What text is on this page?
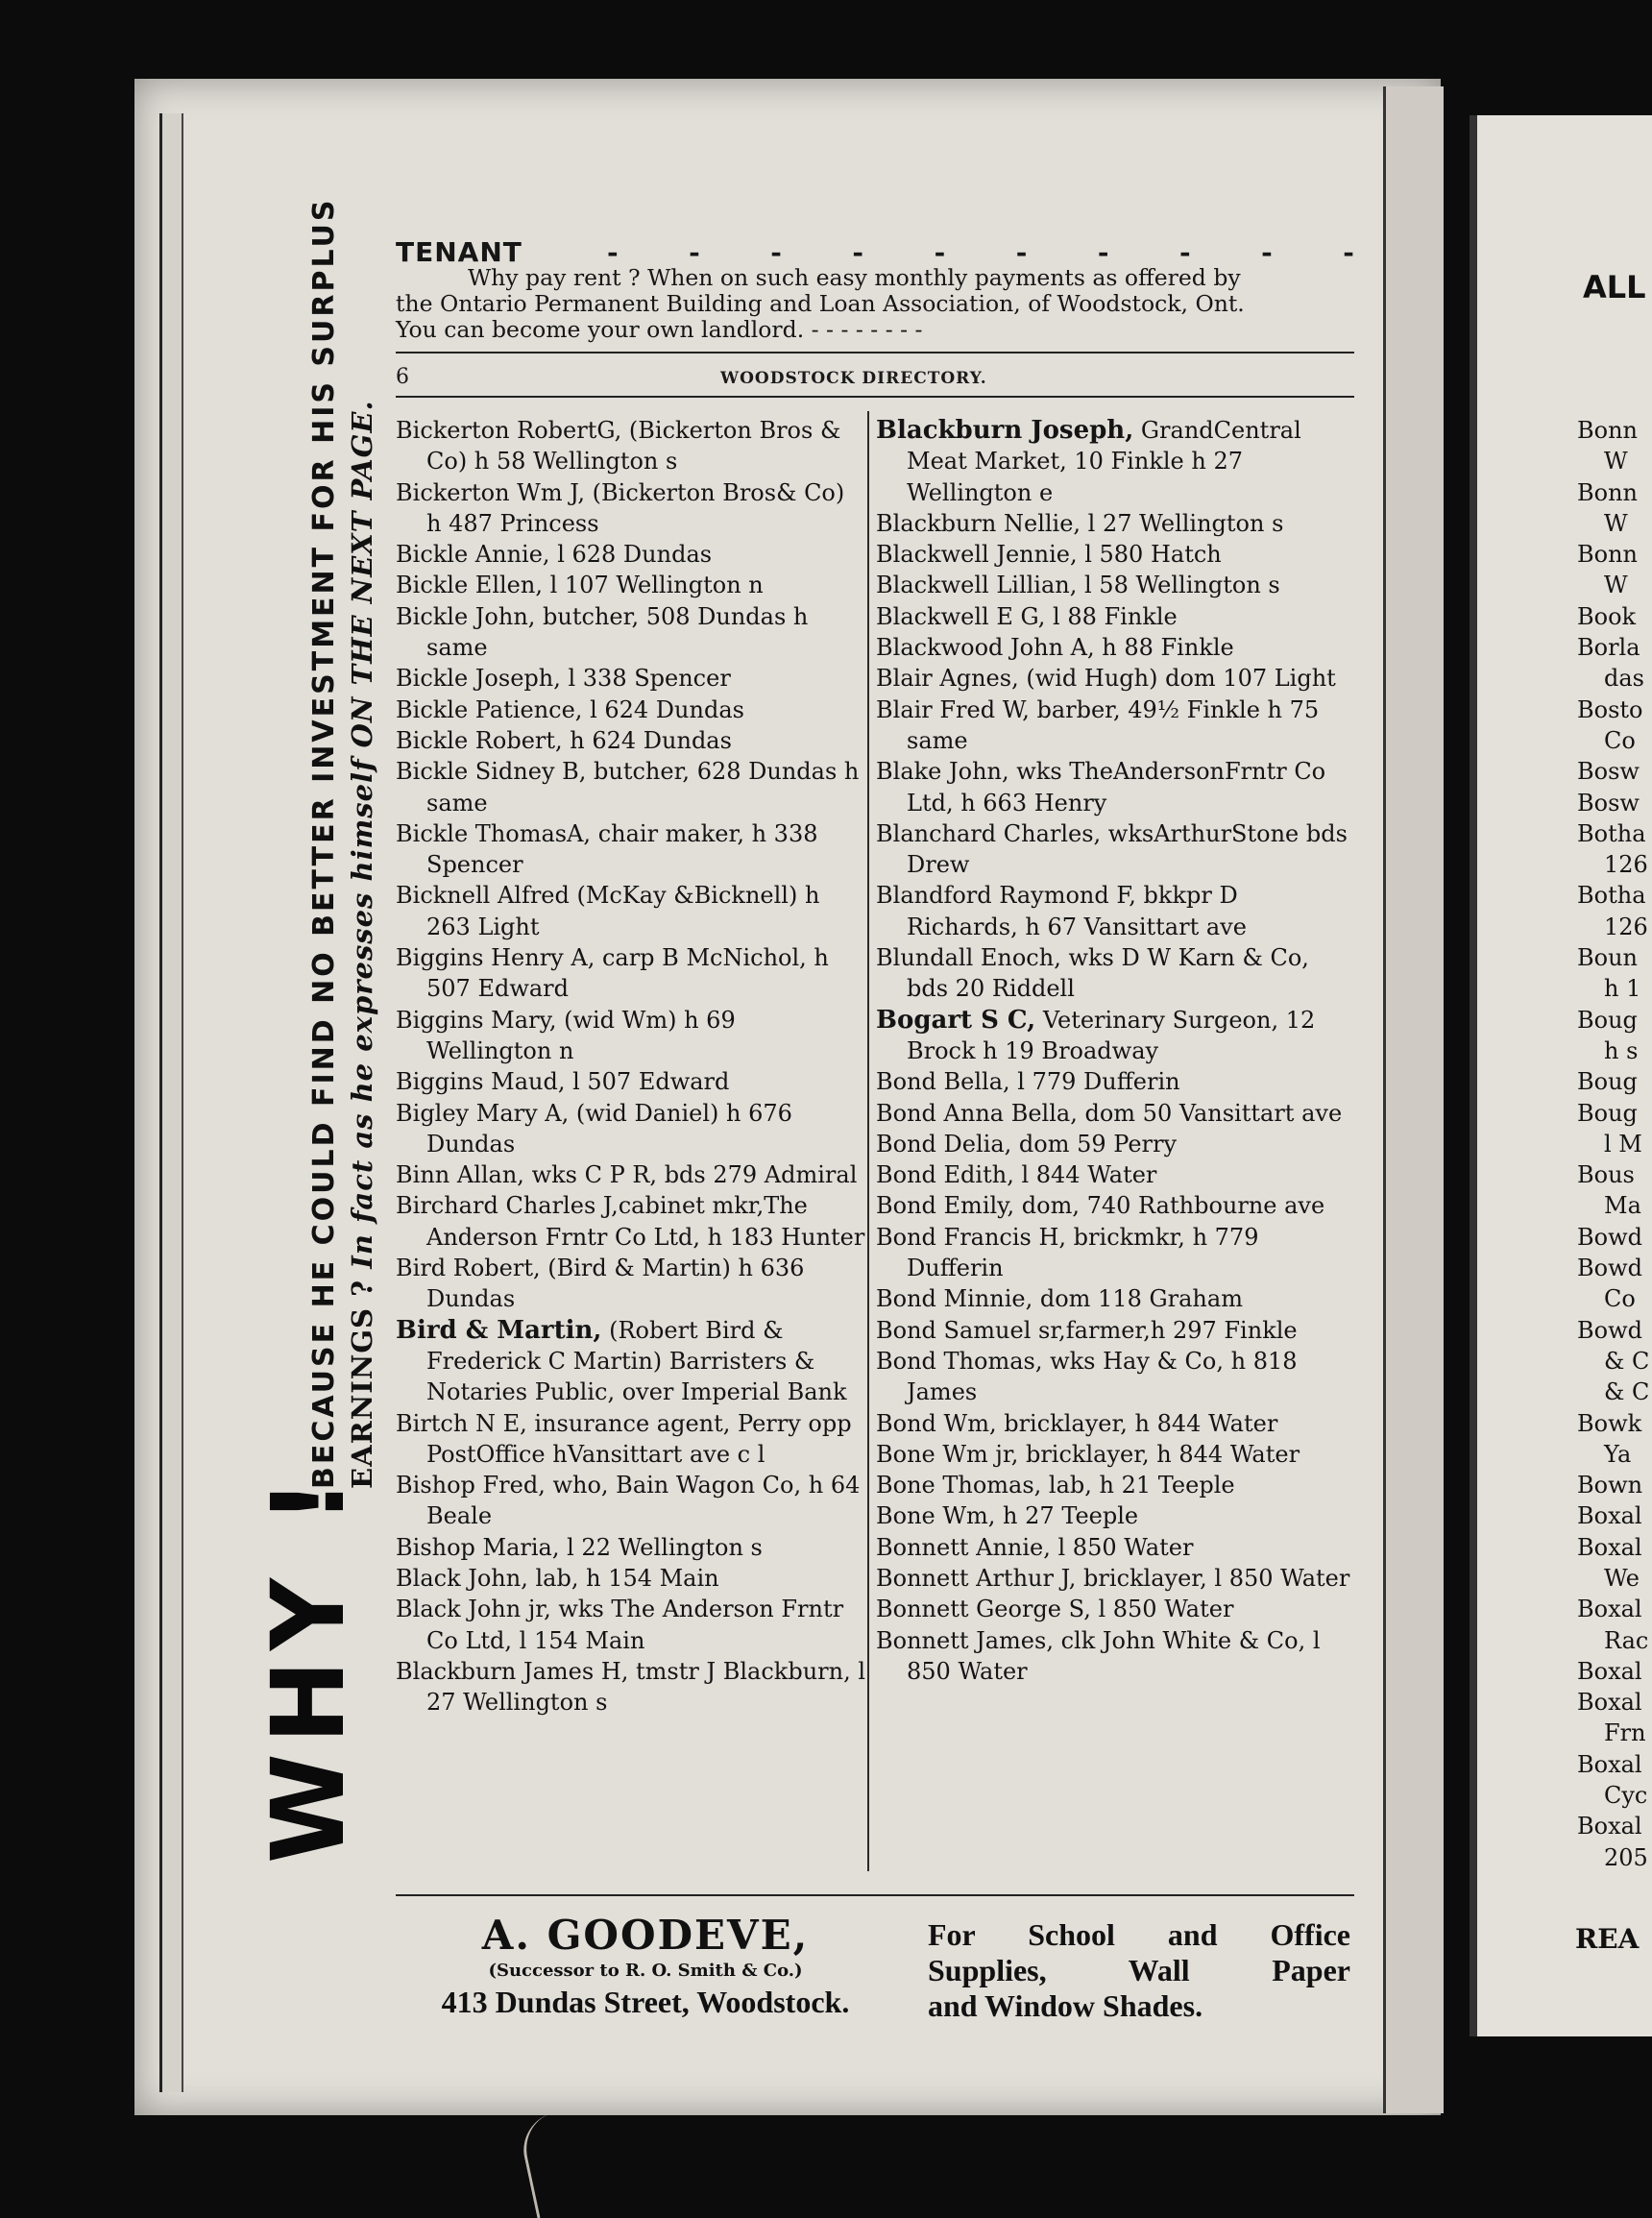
WHY !
BECAUSE HE COULD FIND NO BETTER INVESTMENT FOR HIS SURPLUS EARNINGS ? In fact as he expresses himself ON THE NEXT PAGE.
TENANT	-	-	-	-	-	-	-	-	-	-
Why pay rent ? When on such easy monthly payments as offered by
the Ontario Permanent Building and Loan Association, of Woodstock, Ont.
You can become your own landlord. - - - - - - - -
6	WOODSTOCK DIRECTORY.
Bickerton RobertG, (Bickerton Bros & Co) h 58 Wellington s
Bickerton Wm J, (Bickerton Bros& Co) h 487 Princess
Bickle Annie, l 628 Dundas
Bickle Ellen, l 107 Wellington n
Bickle John, butcher, 508 Dundas h same
Bickle Joseph, l 338 Spencer
Bickle Patience, l 624 Dundas
Bickle Robert, h 624 Dundas
Bickle Sidney B, butcher, 628 Dundas h same
Bickle ThomasA, chair maker, h 338 Spencer
Bicknell Alfred (McKay &Bicknell) h 263 Light
Biggins Henry A, carp B McNichol, h 507 Edward
Biggins Mary, (wid Wm) h 69 Wellington n
Biggins Maud, l 507 Edward
Bigley Mary A, (wid Daniel) h 676 Dundas
Binn Allan, wks C P R, bds 279 Admiral
Birchard Charles J,cabinet mkr,The Anderson Frntr Co Ltd, h 183 Hunter
Bird Robert, (Bird & Martin) h 636 Dundas
Bird & Martin, (Robert Bird & Frederick C Martin) Barristers & Notaries Public, over Imperial Bank
Birtch N E, insurance agent, Perry opp PostOffice hVansittart ave c l
Bishop Fred, who, Bain Wagon Co, h 64 Beale
Bishop Maria, l 22 Wellington s
Black John, lab, h 154 Main
Black John jr, wks The Anderson Frntr Co Ltd, l 154 Main
Blackburn James H, tmstr J Blackburn, l 27 Wellington s
Blackburn Joseph, GrandCentral Meat Market, 10 Finkle h 27 Wellington e
Blackburn Nellie, l 27 Wellington s
Blackwell Jennie, l 580 Hatch
Blackwell Lillian, l 58 Wellington s
Blackwell E G, l 88 Finkle
Blackwood John A, h 88 Finkle
Blair Agnes, (wid Hugh) dom 107 Light
Blair Fred W, barber, 49½ Finkle h 75 same
Blake John, wks TheAndersonFrntr Co Ltd, h 663 Henry
Blanchard Charles, wksArthurStone bds Drew
Blandford Raymond F, bkkpr D Richards, h 67 Vansittart ave
Blundall Enoch, wks D W Karn & Co, bds 20 Riddell
Bogart S C, Veterinary Surgeon, 12 Brock h 19 Broadway
Bond Bella, l 779 Dufferin
Bond Anna Bella, dom 50 Vansittart ave
Bond Delia, dom 59 Perry
Bond Edith, l 844 Water
Bond Emily, dom, 740 Rathbourne ave
Bond Francis H, brickmkr, h 779 Dufferin
Bond Minnie, dom 118 Graham
Bond Samuel sr,farmer,h 297 Finkle
Bond Thomas, wks Hay & Co, h 818 James
Bond Wm, bricklayer, h 844 Water
Bone Wm jr, bricklayer, h 844 Water
Bone Thomas, lab, h 21 Teeple
Bone Wm, h 27 Teeple
Bonnett Annie, l 850 Water
Bonnett Arthur J, bricklayer, l 850 Water
Bonnett George S, l 850 Water
Bonnett James, clk John White & Co, l 850 Water
A. GOODEVE,
(Successor to R. O. Smith & Co.)
413 Dundas Street, Woodstock.
For School and Office
Supplies, Wall Paper
and Window Shades.
ALL
Bonn
W
Bonn
W
Bonn
W
Book
Borla
das
Bosto
Co
Bosw
Bosw
Botha
126
Botha
126
Boun
h 1
Boug
h s
Boug
Boug
l M
Bous
Ma
Bowd
Bowd
Co
Bowd
& C
& C
Bowk
Ya
Bown
Boxal
Boxal
We
Boxal
Rac
Boxal
Boxal
Frn
Boxal
Cyc
Boxal
205
REA
